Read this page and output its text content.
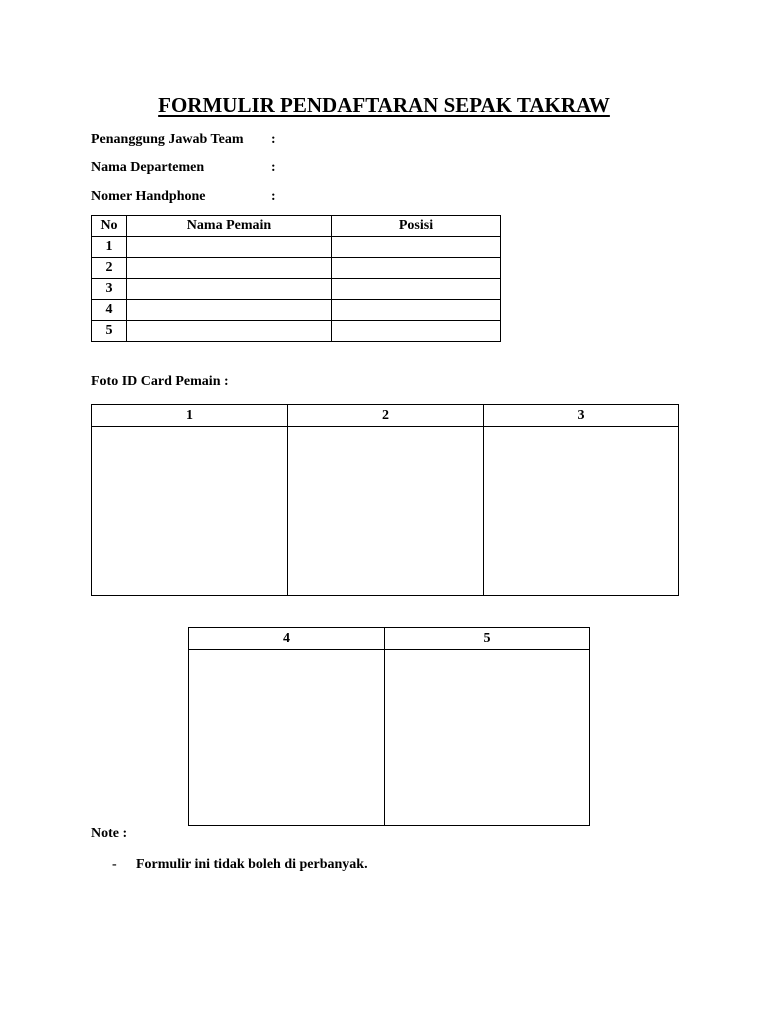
FORMULIR PENDAFTARAN SEPAK TAKRAW
Penanggung Jawab Team :
Nama Departemen	:
Nomer Handphone	:
No	Nama Pemain	Posisi
1		
2		
3		
4		
5		
Foto ID Card Pemain :
1	2	3

4	5

Note :
- Formulir ini tidak boleh di perbanyak.
